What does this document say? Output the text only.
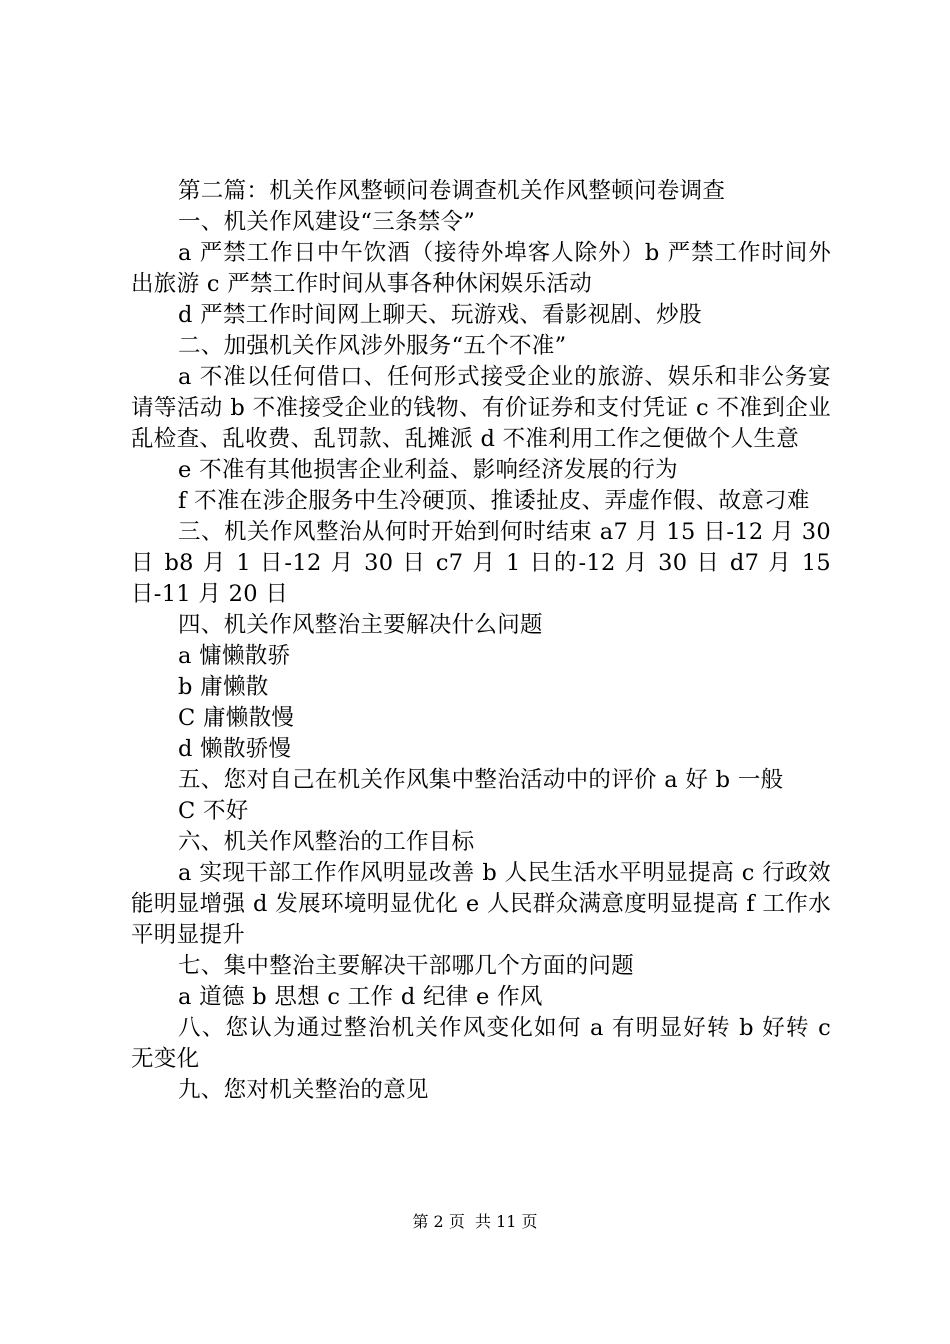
第二篇：机关作风整顿问卷调查机关作风整顿问卷调查

一、机关作风建设“三条禁令”

a 严禁工作日中午饮酒（接待外埠客人除外）b 严禁工作时间外出旅游 c 严禁工作时间从事各种休闲娱乐活动

d 严禁工作时间网上聊天、玩游戏、看影视剧、炒股

二、加强机关作风涉外服务“五个不准”

a 不准以任何借口、任何形式接受企业的旅游、娱乐和非公务宴请等活动 b 不准接受企业的钱物、有价证券和支付凭证 c 不准到企业乱检查、乱收费、乱罚款、乱摊派 d 不准利用工作之便做个人生意

e 不准有其他损害企业利益、影响经济发展的行为

f 不准在涉企服务中生冷硬顶、推诿扯皮、弄虚作假、故意刁难

三、机关作风整治从何时开始到何时结束 a7 月 15 日-12 月 30 日 b8 月 1 日-12 月 30 日 c7 月 1 日的-12 月 30 日 d7 月 15 日-11 月 20 日

四、机关作风整治主要解决什么问题

a 慵懒散骄

b 庸懒散

C 庸懒散慢

d 懒散骄慢

五、您对自己在机关作风集中整治活动中的评价 a 好 b 一般

C 不好

六、机关作风整治的工作目标

a 实现干部工作作风明显改善 b 人民生活水平明显提高 c 行政效能明显增强 d 发展环境明显优化 e 人民群众满意度明显提高 f 工作水平明显提升

七、集中整治主要解决干部哪几个方面的问题

a 道德 b 思想 c 工作 d 纪律 e 作风

八、您认为通过整治机关作风变化如何 a 有明显好转 b 好转 c 无变化

九、您对机关整治的意见

第 2 页  共 11 页
